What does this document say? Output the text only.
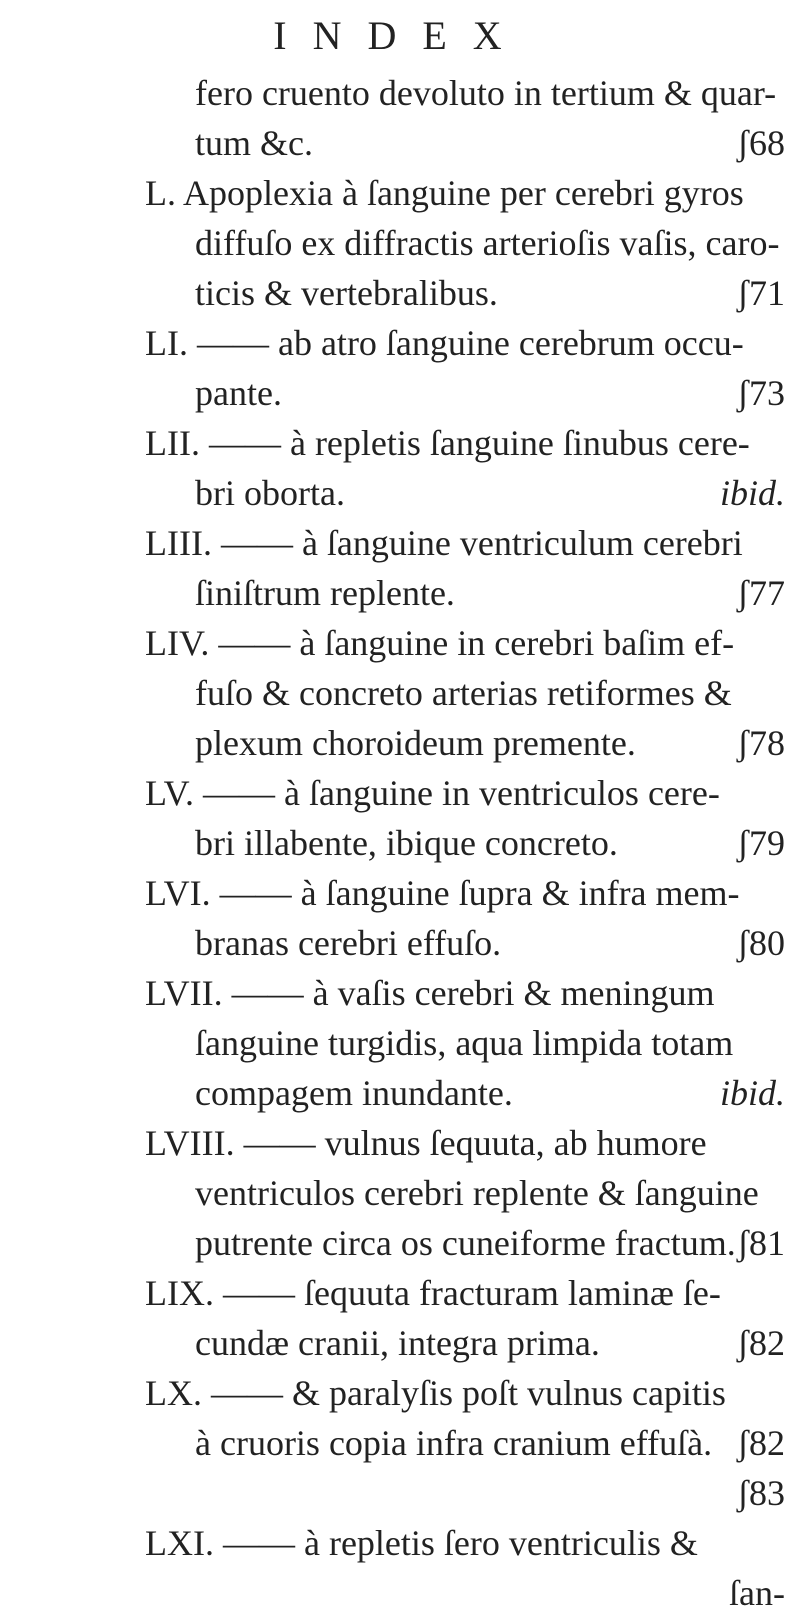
INDEX
fero cruento devoluto in tertium & quar-
ʃ68
tum &c.
L. Apoplexia à ſanguine per cerebri gyros
diffuſo ex diffractis arterioſis vaſis, caro-
ʃ71
ticis & vertebralibus.
LI. —— ab atro ſanguine cerebrum occu-
ʃ73
pante.
LII. —— à repletis ſanguine ſinubus cere-
ibid.
bri oborta.
LIII. —— à ſanguine ventriculum cerebri
ʃ77
ſiniſtrum replente.
LIV. —— à ſanguine in cerebri baſim ef-
fuſo & concreto arterias retiformes &
ʃ78
plexum choroideum premente.
LV. —— à ſanguine in ventriculos cere-
ʃ79
bri illabente, ibique concreto.
LVI. —— à ſanguine ſupra & infra mem-
ʃ80
branas cerebri effuſo.
LVII. —— à vaſis cerebri & meningum
ſanguine turgidis, aqua limpida totam
ibid.
compagem inundante.
LVIII. —— vulnus ſequuta, ab humore
ventriculos cerebri replente & ſanguine
ʃ81
putrente circa os cuneiforme fractum.
LIX. —— ſequuta fracturam laminæ ſe-
ʃ82
cundæ cranii, integra prima.
LX. —— & paralyſis poſt vulnus capitis
ʃ82
à cruoris copia infra cranium effuſà.
ʃ83
LXI. —— à repletis ſero ventriculis &
ſan-
